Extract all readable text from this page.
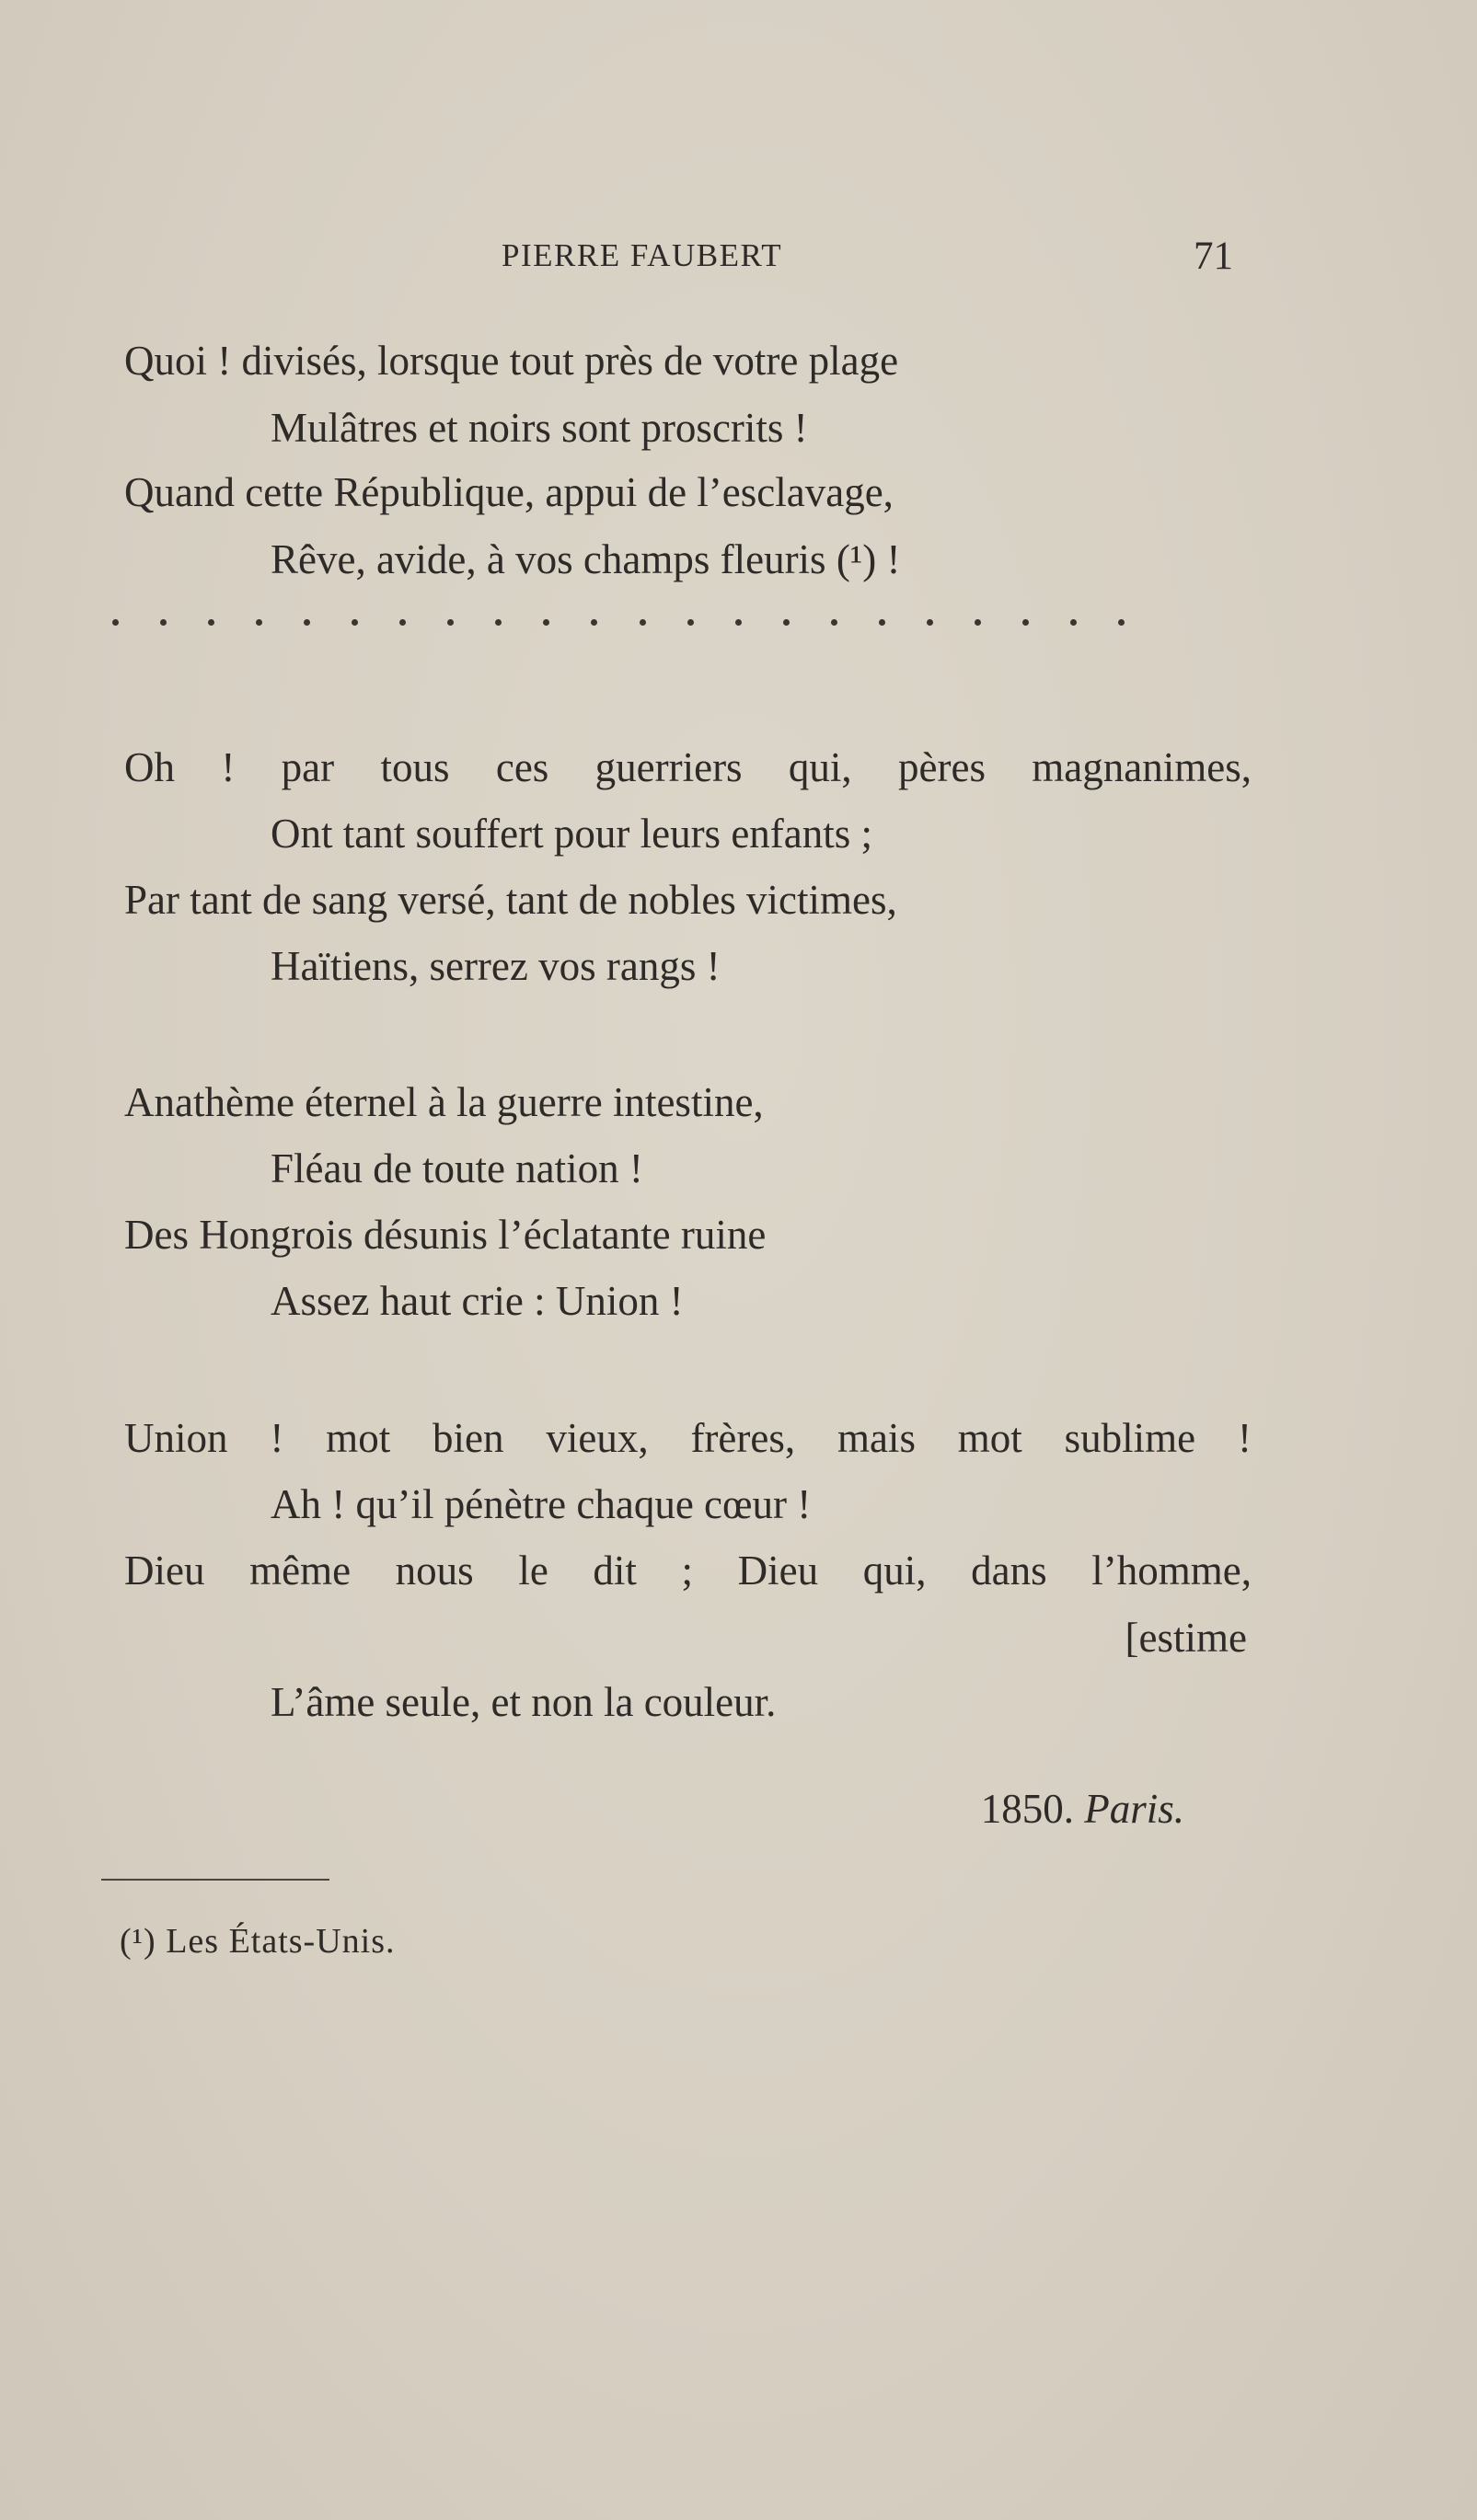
PIERRE FAUBERT	71
Quoi ! divisés, lorsque tout près de votre plage
Mulâtres et noirs sont proscrits !
Quand cette République, appui de l’esclavage,
Rêve, avide, à vos champs fleuris (¹) !
Oh ! par tous ces guerriers qui, pères magnanimes,
Ont tant souffert pour leurs enfants ;
Par tant de sang versé, tant de nobles victimes,
Haïtiens, serrez vos rangs !
Anathème éternel à la guerre intestine,
Fléau de toute nation !
Des Hongrois désunis l’éclatante ruine
Assez haut crie : Union !
Union ! mot bien vieux, frères, mais mot sublime !
Ah ! qu’il pénètre chaque cœur !
Dieu même nous le dit ; Dieu qui, dans l’homme,
[estime
L’âme seule, et non la couleur.
1850. Paris.
(¹) Les États-Unis.
